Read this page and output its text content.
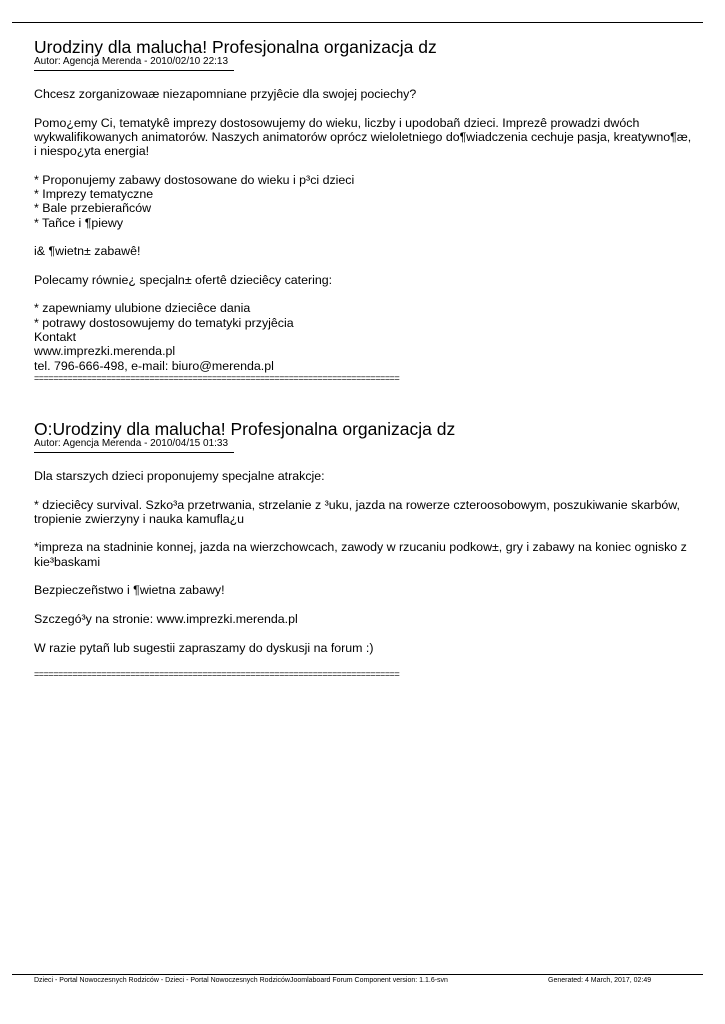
Urodziny dla malucha! Profesjonalna organizacja dz
Autor: Agencja Merenda - 2010/02/10 22:13

Chcesz zorganizowaæ niezapomniane przyjêcie dla swojej pociechy?

Pomo¿emy Ci, tematykê imprezy dostosowujemy do wieku, liczby i upodobañ dzieci. Imprezê prowadzi dwóch wykwalifikowanych animatorów. Naszych animatorów oprócz wieloletniego do¶wiadczenia cechuje pasja, kreatywno¶æ, i niespo¿yta energia!

* Proponujemy zabawy dostosowane do wieku i p³ci dzieci
* Imprezy tematyczne
* Bale przebierañców
* Tañce i ¶piewy

i& ¶wietn± zabawê!

Polecamy równie¿ specjaln± ofertê dzieciêcy catering:

* zapewniamy ulubione dzieciêce dania
* potrawy dostosowujemy do tematyki przyjêcia
Kontakt
www.imprezki.merenda.pl
tel. 796-666-498, e-mail: biuro@merenda.pl

============================================================================
O:Urodziny dla malucha! Profesjonalna organizacja dz
Autor: Agencja Merenda - 2010/04/15 01:33

Dla starszych dzieci proponujemy specjalne atrakcje:

* dzieciêcy survival. Szko³a przetrwania, strzelanie z ³uku, jazda na rowerze czteroosobowym, poszukiwanie skarbów, tropienie zwierzyny i nauka kamufla¿u

*impreza na stadninie konnej, jazda na wierzchowcach, zawody w rzucaniu podkow±, gry i zabawy na koniec ognisko z kie³baskami

Bezpieczeñstwo i ¶wietna zabawy!

Szczegó³y na stronie: www.imprezki.merenda.pl

W razie pytañ lub sugestii zapraszamy do dyskusji na forum :)

============================================================================
Dzieci - Portal Nowoczesnych Rodziców - Dzieci - Portal Nowoczesnych RodzicówJoomlaboard Forum Component version: 1.1.6-svn	Generated: 4 March, 2017, 02:49
